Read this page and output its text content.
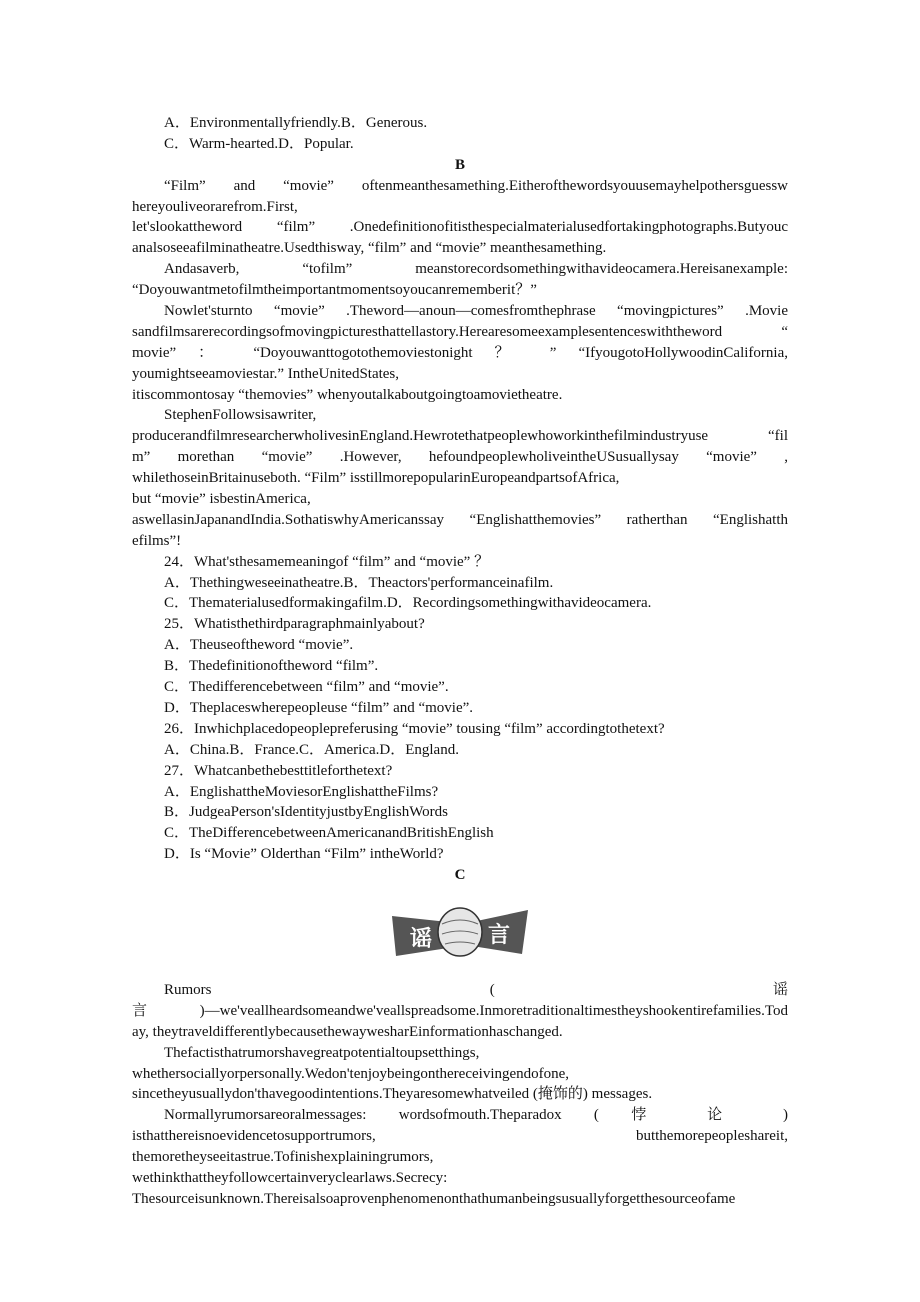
A．Environmentallyfriendly.B．Generous.
C．Warm-hearted.D．Popular.
B
“Film” and “movie” oftenmeanthesamething.Eitherofthewordsyouusemayhelpothersguessw
hereyouliveorarefrom.First,
let'slookattheword “film” .Onedefinitionofitisthespecialmaterialusedfortakingphotographs.Butyouc
analsoseeafilminatheatre.Usedthisway, “film” and “movie” meanthesamething.
Andasaverb, “tofilm” meanstorecordsomethingwithavideocamera.Hereisanexample:
“Doyouwantmetofilmtheimportantmomentsoyoucanrememberit？”
Nowlet'sturnto “movie” .Theword—anoun—comesfromthephrase “movingpictures” .Movie
sandfilmsarerecordingsofmovingpicturesthattellastory.Herearesomeexamplesentenceswiththeword “
movie” ： “Doyouwanttogotothemoviestonight ？ ” “IfyougotoHollywoodinCalifornia,
youmightseeamoviestar.” IntheUnitedStates,
itiscommontosay “themovies” whenyoutalkaboutgoingtoamovietheatre.
StephenFollowsisawriter,
producerandfilmresearcherwholivesinEngland.Hewrotethatpeoplewhoworkinthefilmindustryuse “fil
m” morethan “movie” .However, hefoundpeoplewholiveintheUSusuallysay “movie” ,
whilethoseinBritainuseboth. “Film” isstillmorepopularinEuropeandpartsofAfrica,
but “movie” isbestinAmerica,
aswellasinJapanandIndia.SothatiswhyAmericanssay “Englishatthemovies” ratherthan “Englishatth
efilms”!
24．What'sthesamemeaningof “film” and “movie” ？
A．Thethingweseeinatheatre.B．Theactors'performanceinafilm.
C．Thematerialusedformakingafilm.D．Recordingsomethingwithavideocamera.
25．Whatisthethirdparagraphmainlyabout?
A．Theuseoftheword “movie”.
B．Thedefinitionoftheword “film”.
C．Thedifferencebetween “film” and “movie”.
D．Theplaceswherepeopleuse “film” and “movie”.
26．Inwhichplacedopeoplepreferusing “movie” tousing “film” accordingtothetext?
A．China.B．France.C．America.D．England.
27．Whatcanbethebesttitleforthetext?
A．EnglishattheMoviesorEnglishattheFilms?
B．JudgeaPerson'sIdentityjustbyEnglishWords
C．TheDifferencebetweenAmericanandBritishEnglish
D．Is “Movie” Olderthan “Film” intheWorld?
C
谣	言
Rumors ( 谣
言 )—we'veallheardsomeandwe'veallspreadsome.Inmoretraditionaltimestheyshookentirefamilies.Tod
ay, theytraveldifferentlybecausethewaywesharEinformationhaschanged.
Thefactisthatrumorshavegreatpotentialtoupsetthings,
whethersociallyorpersonally.Wedon'tenjoybeingonthereceivingendofone,
sincetheyusuallydon'thavegoodintentions.Theyaresomewhatveiled (掩饰的) messages.
Normallyrumorsareoralmessages: wordsofmouth.Theparadox ( 悖 论 )
isthatthereisnoevidencetosupportrumors, butthemorepeopleshareit,
themoretheyseeitastrue.Tofinishexplainingrumors,
wethinkthattheyfollowcertainveryclearlaws.Secrecy:
Thesourceisunknown.Thereisalsoaprovenphenomenonthathumanbeingsusuallyforgetthesourceofame
